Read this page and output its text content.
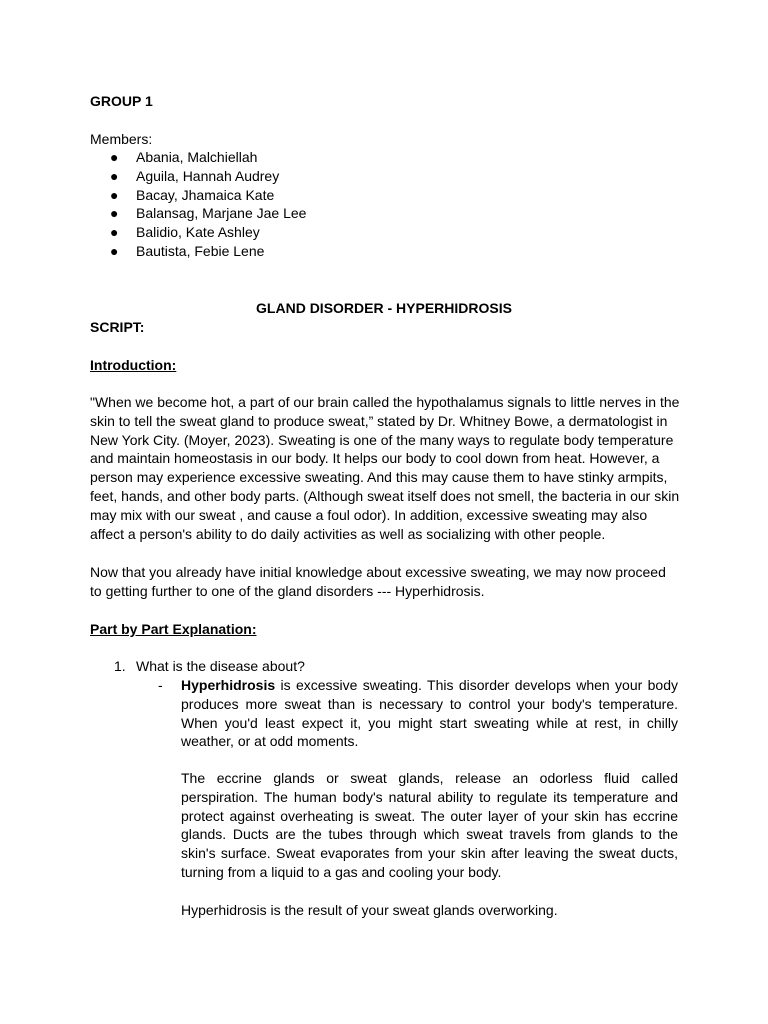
GROUP 1

Members:

● Abania, Malchiellah
● Aguila, Hannah Audrey
● Bacay, Jhamaica Kate
● Balansag, Marjane Jae Lee
● Balidio, Kate Ashley
● Bautista, Febie Lene

GLAND DISORDER - HYPERHIDROSIS

SCRIPT:

Introduction:

"When we become hot, a part of our brain called the hypothalamus signals to little nerves in the skin to tell the sweat gland to produce sweat,” stated by Dr. Whitney Bowe, a dermatologist in New York City. (Moyer, 2023). Sweating is one of the many ways to regulate body temperature and maintain homeostasis in our body. It helps our body to cool down from heat. However, a person may experience excessive sweating. And this may cause them to have stinky armpits, feet, hands, and other body parts. (Although sweat itself does not smell, the bacteria in our skin may mix with our sweat , and cause a foul odor). In addition, excessive sweating may also affect a person's ability to do daily activities as well as socializing with other people.

Now that you already have initial knowledge about excessive sweating, we may now proceed to getting further to one of the gland disorders --- Hyperhidrosis.

Part by Part Explanation:

1. What is the disease about?

- Hyperhidrosis is excessive sweating. This disorder develops when your body produces more sweat than is necessary to control your body's temperature. When you'd least expect it, you might start sweating while at rest, in chilly weather, or at odd moments.

The eccrine glands or sweat glands, release an odorless fluid called perspiration. The human body's natural ability to regulate its temperature and protect against overheating is sweat. The outer layer of your skin has eccrine glands. Ducts are the tubes through which sweat travels from glands to the skin's surface. Sweat evaporates from your skin after leaving the sweat ducts, turning from a liquid to a gas and cooling your body.

Hyperhidrosis is the result of your sweat glands overworking.
